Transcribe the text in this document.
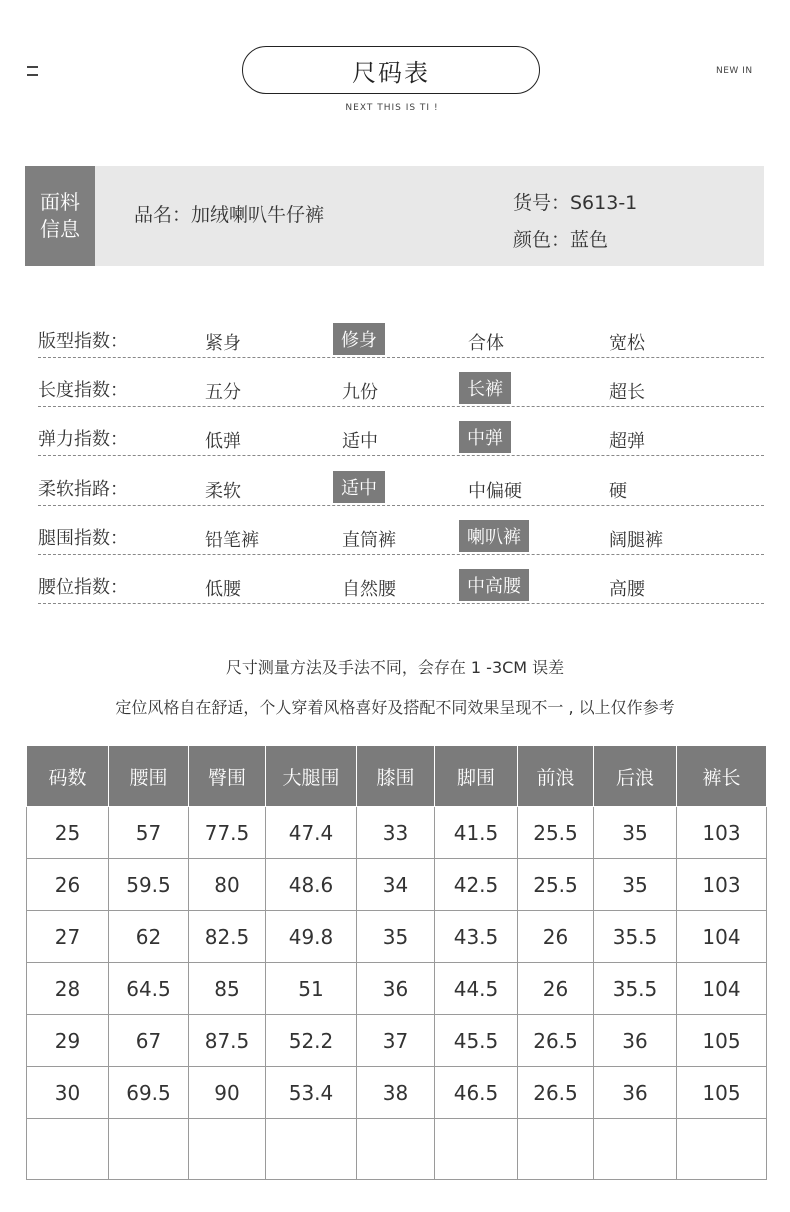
尺码表
NEXT THIS IS TI !
NEW IN
面料
信息
品名：加绒喇叭牛仔裤
货号：S613-1
颜色：蓝色
版型指数：	紧身	修身	合体	宽松
长度指数：	五分	九份	长裤	超长
弹力指数：	低弹	适中	中弹	超弹
柔软指路：	柔软	适中	中偏硬	硬
腿围指数：	铅笔裤	直筒裤	喇叭裤	阔腿裤
腰位指数：	低腰	自然腰	中高腰	高腰
尺寸测量方法及手法不同，会存在 1 -3CM 误差
定位风格自在舒适，个人穿着风格喜好及搭配不同效果呈现不一 , 以上仅作参考
码数	腰围	臀围	大腿围	膝围	脚围	前浪	后浪	裤长
25	57	77.5	47.4	33	41.5	25.5	35	103
26	59.5	80	48.6	34	42.5	25.5	35	103
27	62	82.5	49.8	35	43.5	26	35.5	104
28	64.5	85	51	36	44.5	26	35.5	104
29	67	87.5	52.2	37	45.5	26.5	36	105
30	69.5	90	53.4	38	46.5	26.5	36	105
